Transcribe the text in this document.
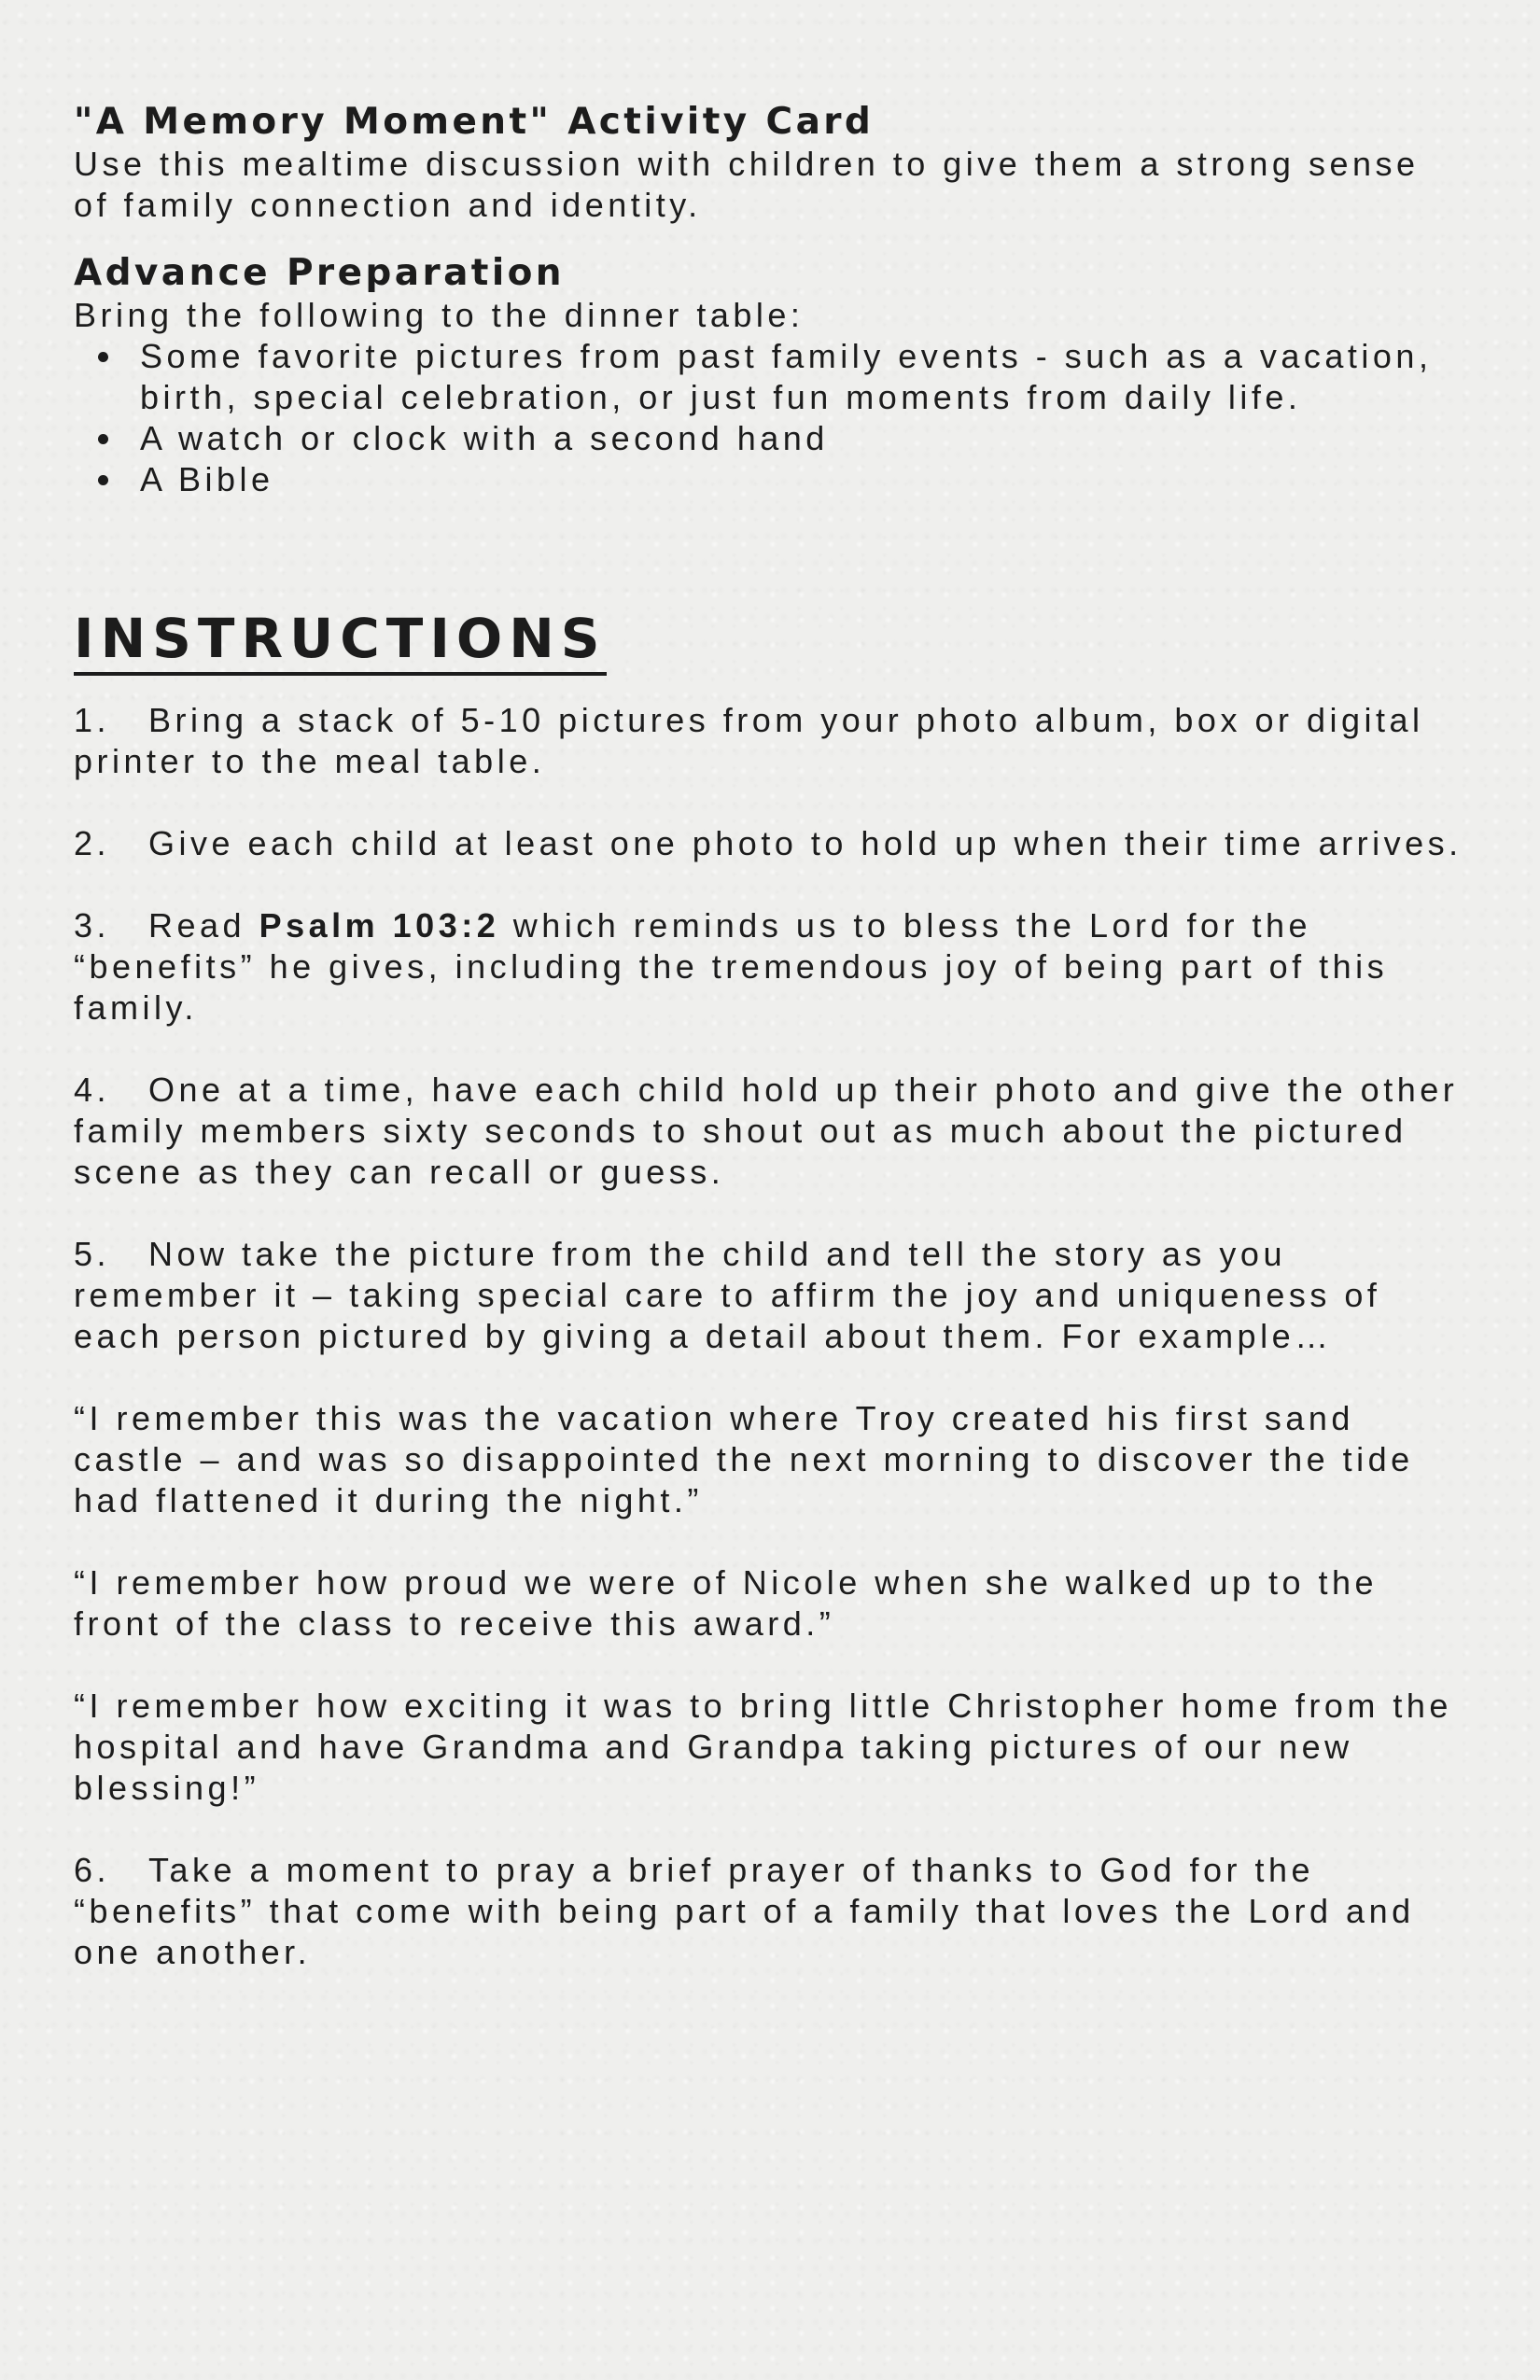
"A Memory Moment" Activity Card

Use this mealtime discussion with children to give them a strong sense of family connection and identity.

Advance Preparation

Bring the following to the dinner table:

Some favorite pictures from past family events - such as a vacation, birth, special celebration, or just fun moments from daily life.
A watch or clock with a second hand
A Bible
INSTRUCTIONS

1. Bring a stack of 5-10 pictures from your photo album, box or digital printer to the meal table.

2. Give each child at least one photo to hold up when their time arrives.

3. Read Psalm 103:2 which reminds us to bless the Lord for the “benefits” he gives, including the tremendous joy of being part of this family.

4. One at a time, have each child hold up their photo and give the other family members sixty seconds to shout out as much about the pictured scene as they can recall or guess.

5. Now take the picture from the child and tell the story as you remember it – taking special care to affirm the joy and uniqueness of each person pictured by giving a detail about them. For example…

“I remember this was the vacation where Troy created his first sand castle – and was so disappointed the next morning to discover the tide had flattened it during the night.”

“I remember how proud we were of Nicole when she walked up to the front of the class to receive this award.”

“I remember how exciting it was to bring little Christopher home from the hospital and have Grandma and Grandpa taking pictures of our new blessing!”

6. Take a moment to pray a brief prayer of thanks to God for the “benefits” that come with being part of a family that loves the Lord and one another.
